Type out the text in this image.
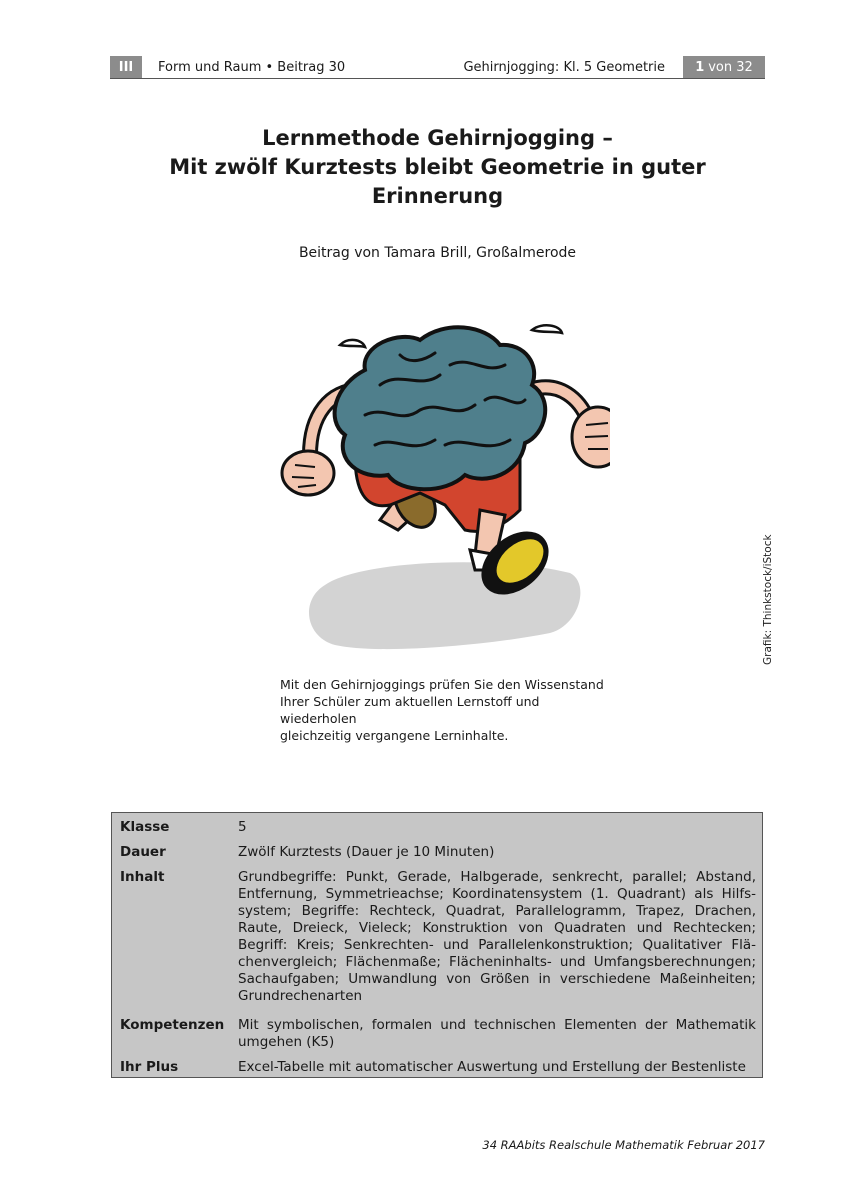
III	Form und Raum • Beitrag 30	Gehirnjogging: Kl. 5 Geometrie 1 von 32
Lernmethode Gehirnjogging –
Mit zwölf Kurztests bleibt Geometrie in guter
Erinnerung
Beitrag von Tamara Brill, Großalmerode
Grafik: Thinkstock/iStock
Mit den Gehirnjoggings prüfen Sie den Wissenstand
Ihrer Schüler zum aktuellen Lernstoff und wiederholen
gleichzeitig vergangene Lerninhalte.
Klasse	5
Dauer	Zwölf Kurztests (Dauer je 10 Minuten)
Inhalt	Grundbegriffe: Punkt, Gerade, Halbgerade, senkrecht, parallel; Abstand, Entfernung, Symmetrieachse; Koordinatensystem (1. Quadrant) als Hilfssystem; Begriffe: Rechteck, Quadrat, Parallelogramm, Trapez, Drachen, Raute, Dreieck, Vieleck; Konstruktion von Quadraten und Rechtecken; Begriff: Kreis; Senkrechten- und Parallelenkonstruktion; Qualitativer Flächenvergleich; Flächenmaße; Flächeninhalts- und Umfangsberechnungen; Sachaufgaben; Umwandlung von Größen in verschiedene Maßeinheiten; Grundrechenarten
Kompetenzen Mit symbolischen, formalen und technischen Elementen der Mathematik umgehen (K5)
Ihr Plus	Excel-Tabelle mit automatischer Auswertung und Erstellung der Bestenliste
34 RAAbits Realschule Mathematik Februar 2017
